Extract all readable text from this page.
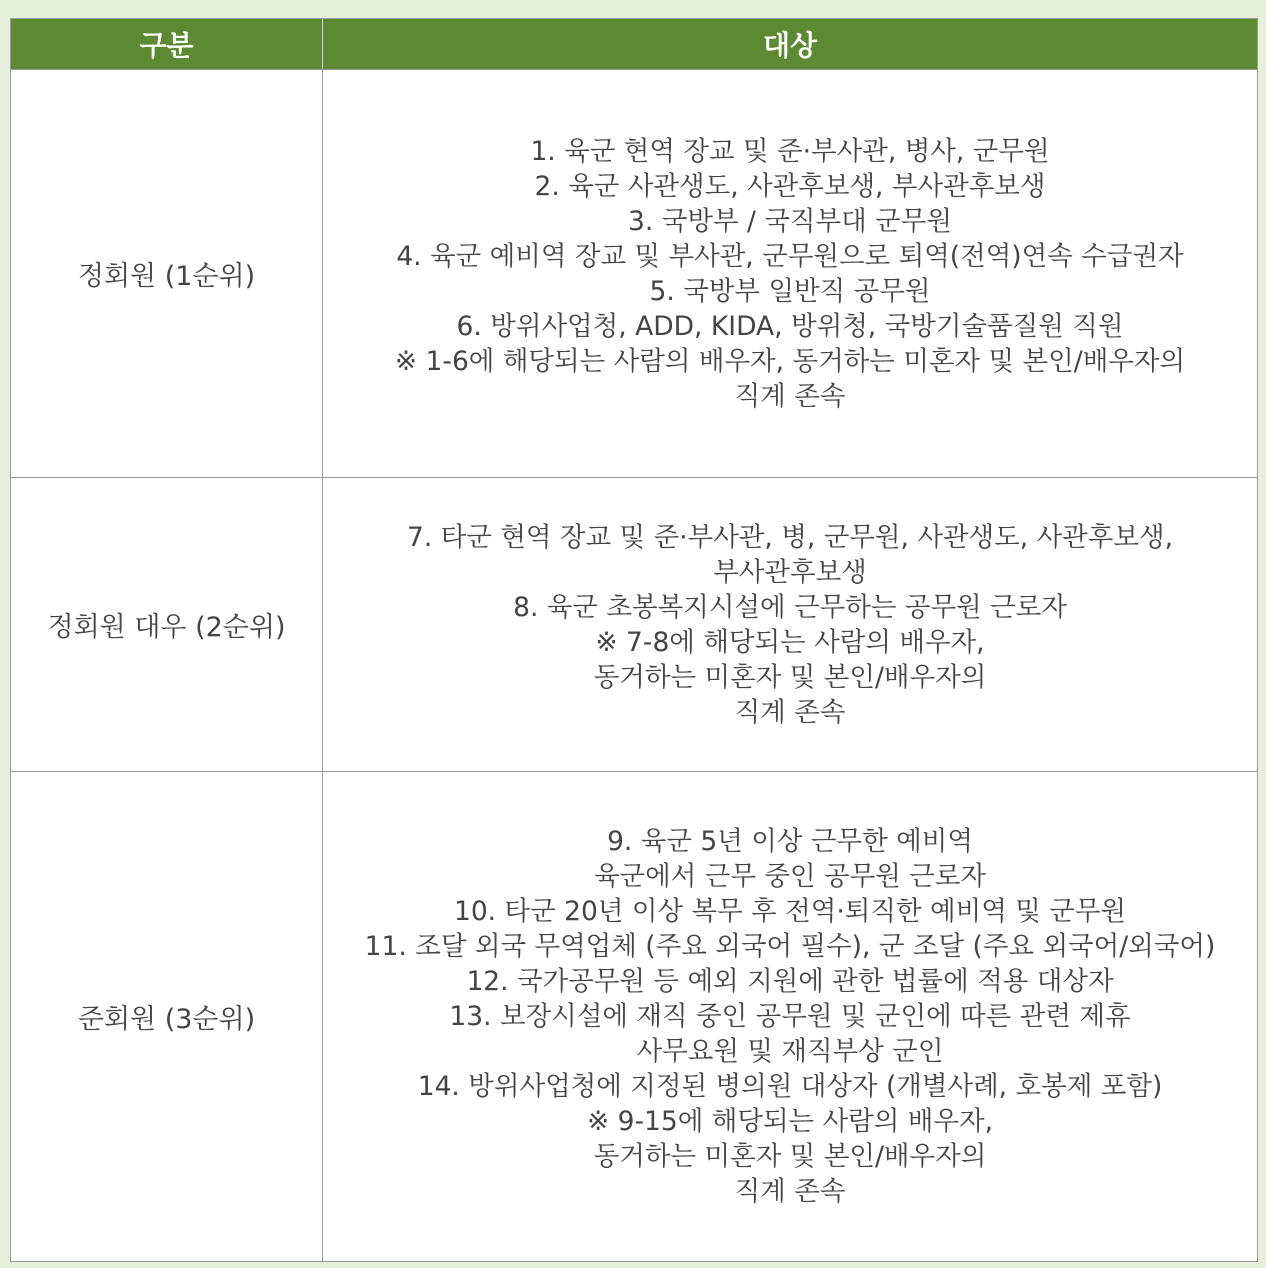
구분	대상
정회원 (1순위)
1. 육군 현역 장교 및 준·부사관, 병사, 군무원
2. 육군 사관생도, 사관후보생, 부사관후보생
3. 국방부 / 국직부대 군무원
4. 육군 예비역 장교 및 부사관, 군무원으로 퇴역(전역)연속 수급권자
5. 국방부 일반직 공무원
6. 방위사업청, ADD, KIDA, 방위청, 국방기술품질원 직원
※ 1-6에 해당되는 사람의 배우자, 동거하는 미혼자 및 본인/배우자의
직계 존속
정회원 대우 (2순위)
7. 타군 현역 장교 및 준·부사관, 병, 군무원, 사관생도, 사관후보생,
부사관후보생
8. 육군 초봉복지시설에 근무하는 공무원 근로자
※ 7-8에 해당되는 사람의 배우자,
동거하는 미혼자 및 본인/배우자의
직계 존속
준회원 (3순위)
9. 육군 5년 이상 근무한 예비역
육군에서 근무 중인 공무원 근로자
10. 타군 20년 이상 복무 후 전역·퇴직한 예비역 및 군무원
11. 조달 외국 무역업체 (주요 외국어 필수), 군 조달 (주요 외국어/외국어)
12. 국가공무원 등 예외 지원에 관한 법률에 적용 대상자
13. 보장시설에 재직 중인 공무원 및 군인에 따른 관련 제휴
사무요원 및 재직부상 군인
14. 방위사업청에 지정된 병의원 대상자 (개별사례, 호봉제 포함)
※ 9-15에 해당되는 사람의 배우자,
동거하는 미혼자 및 본인/배우자의
직계 존속
